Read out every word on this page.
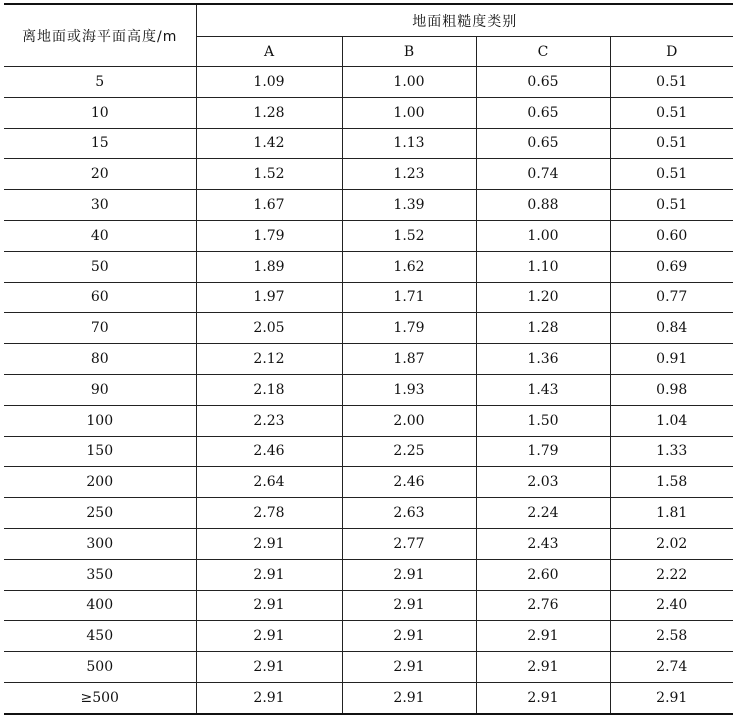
离地面或海平面高度/m	地面粗糙度类别			
	A	B	C	D
5	1.09	1.00	0.65	0.51
10	1.28	1.00	0.65	0.51
15	1.42	1.13	0.65	0.51
20	1.52	1.23	0.74	0.51
30	1.67	1.39	0.88	0.51
40	1.79	1.52	1.00	0.60
50	1.89	1.62	1.10	0.69
60	1.97	1.71	1.20	0.77
70	2.05	1.79	1.28	0.84
80	2.12	1.87	1.36	0.91
90	2.18	1.93	1.43	0.98
100	2.23	2.00	1.50	1.04
150	2.46	2.25	1.79	1.33
200	2.64	2.46	2.03	1.58
250	2.78	2.63	2.24	1.81
300	2.91	2.77	2.43	2.02
350	2.91	2.91	2.60	2.22
400	2.91	2.91	2.76	2.40
450	2.91	2.91	2.91	2.58
500	2.91	2.91	2.91	2.74
≥500	2.91	2.91	2.91	2.91
